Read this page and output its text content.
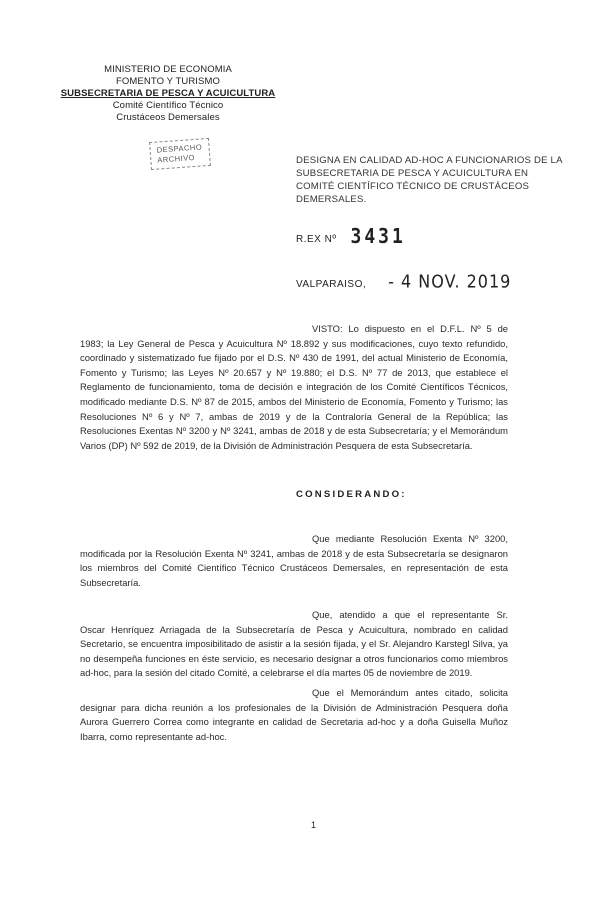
MINISTERIO DE ECONOMIA
FOMENTO Y TURISMO
SUBSECRETARIA DE PESCA Y ACUICULTURA
Comité Científico Técnico
Crustáceos Demersales
DESPACHO
ARCHIVO	DESIGNA EN CALIDAD AD-HOC A FUNCIONARIOS DE LA SUBSECRETARIA DE PESCA Y ACUICULTURA EN COMITÉ CIENTÍFICO TÉCNICO DE CRUSTÁCEOS DEMERSALES.
R.EX Nº 3431
VALPARAISO, - 4 NOV. 2019
VISTO: Lo dispuesto en el D.F.L. Nº 5 de 1983; la Ley General de Pesca y Acuicultura Nº 18.892 y sus modificaciones, cuyo texto refundido, coordinado y sistematizado fue fijado por el D.S. Nº 430 de 1991, del actual Ministerio de Economía, Fomento y Turismo; las Leyes Nº 20.657 y Nº 19.880; el D.S. Nº 77 de 2013, que establece el Reglamento de funcionamiento, toma de decisión e integración de los Comité Científicos Técnicos, modificado mediante D.S. Nº 87 de 2015, ambos del Ministerio de Economía, Fomento y Turismo; las Resoluciones Nº 6 y Nº 7, ambas de 2019 y de la Contraloría General de la República; las Resoluciones Exentas Nº 3200 y Nº 3241, ambas de 2018 y de esta Subsecretaría; y el Memorándum Varios (DP) Nº 592 de 2019, de la División de Administración Pesquera de esta Subsecretaría.
CONSIDERANDO:
Que mediante Resolución Exenta Nº 3200, modificada por la Resolución Exenta Nº 3241, ambas de 2018 y de esta Subsecretaría se designaron los miembros del Comité Científico Técnico Crustáceos Demersales, en representación de esta Subsecretaría.
Que, atendido a que el representante Sr. Oscar Henríquez Arriagada de la Subsecretaría de Pesca y Acuicultura, nombrado en calidad Secretario, se encuentra imposibilitado de asistir a la sesión fijada, y el Sr. Alejandro Karstegl Silva, ya no desempeña funciones en éste servicio, es necesario designar a otros funcionarios como miembros ad-hoc, para la sesión del citado Comité, a celebrarse el día martes 05 de noviembre de 2019.
Que el Memorándum antes citado, solicita designar para dicha reunión a los profesionales de la División de Administración Pesquera doña Aurora Guerrero Correa como integrante en calidad de Secretaria ad-hoc y a doña Guisella Muñoz Ibarra, como representante ad-hoc.
1
